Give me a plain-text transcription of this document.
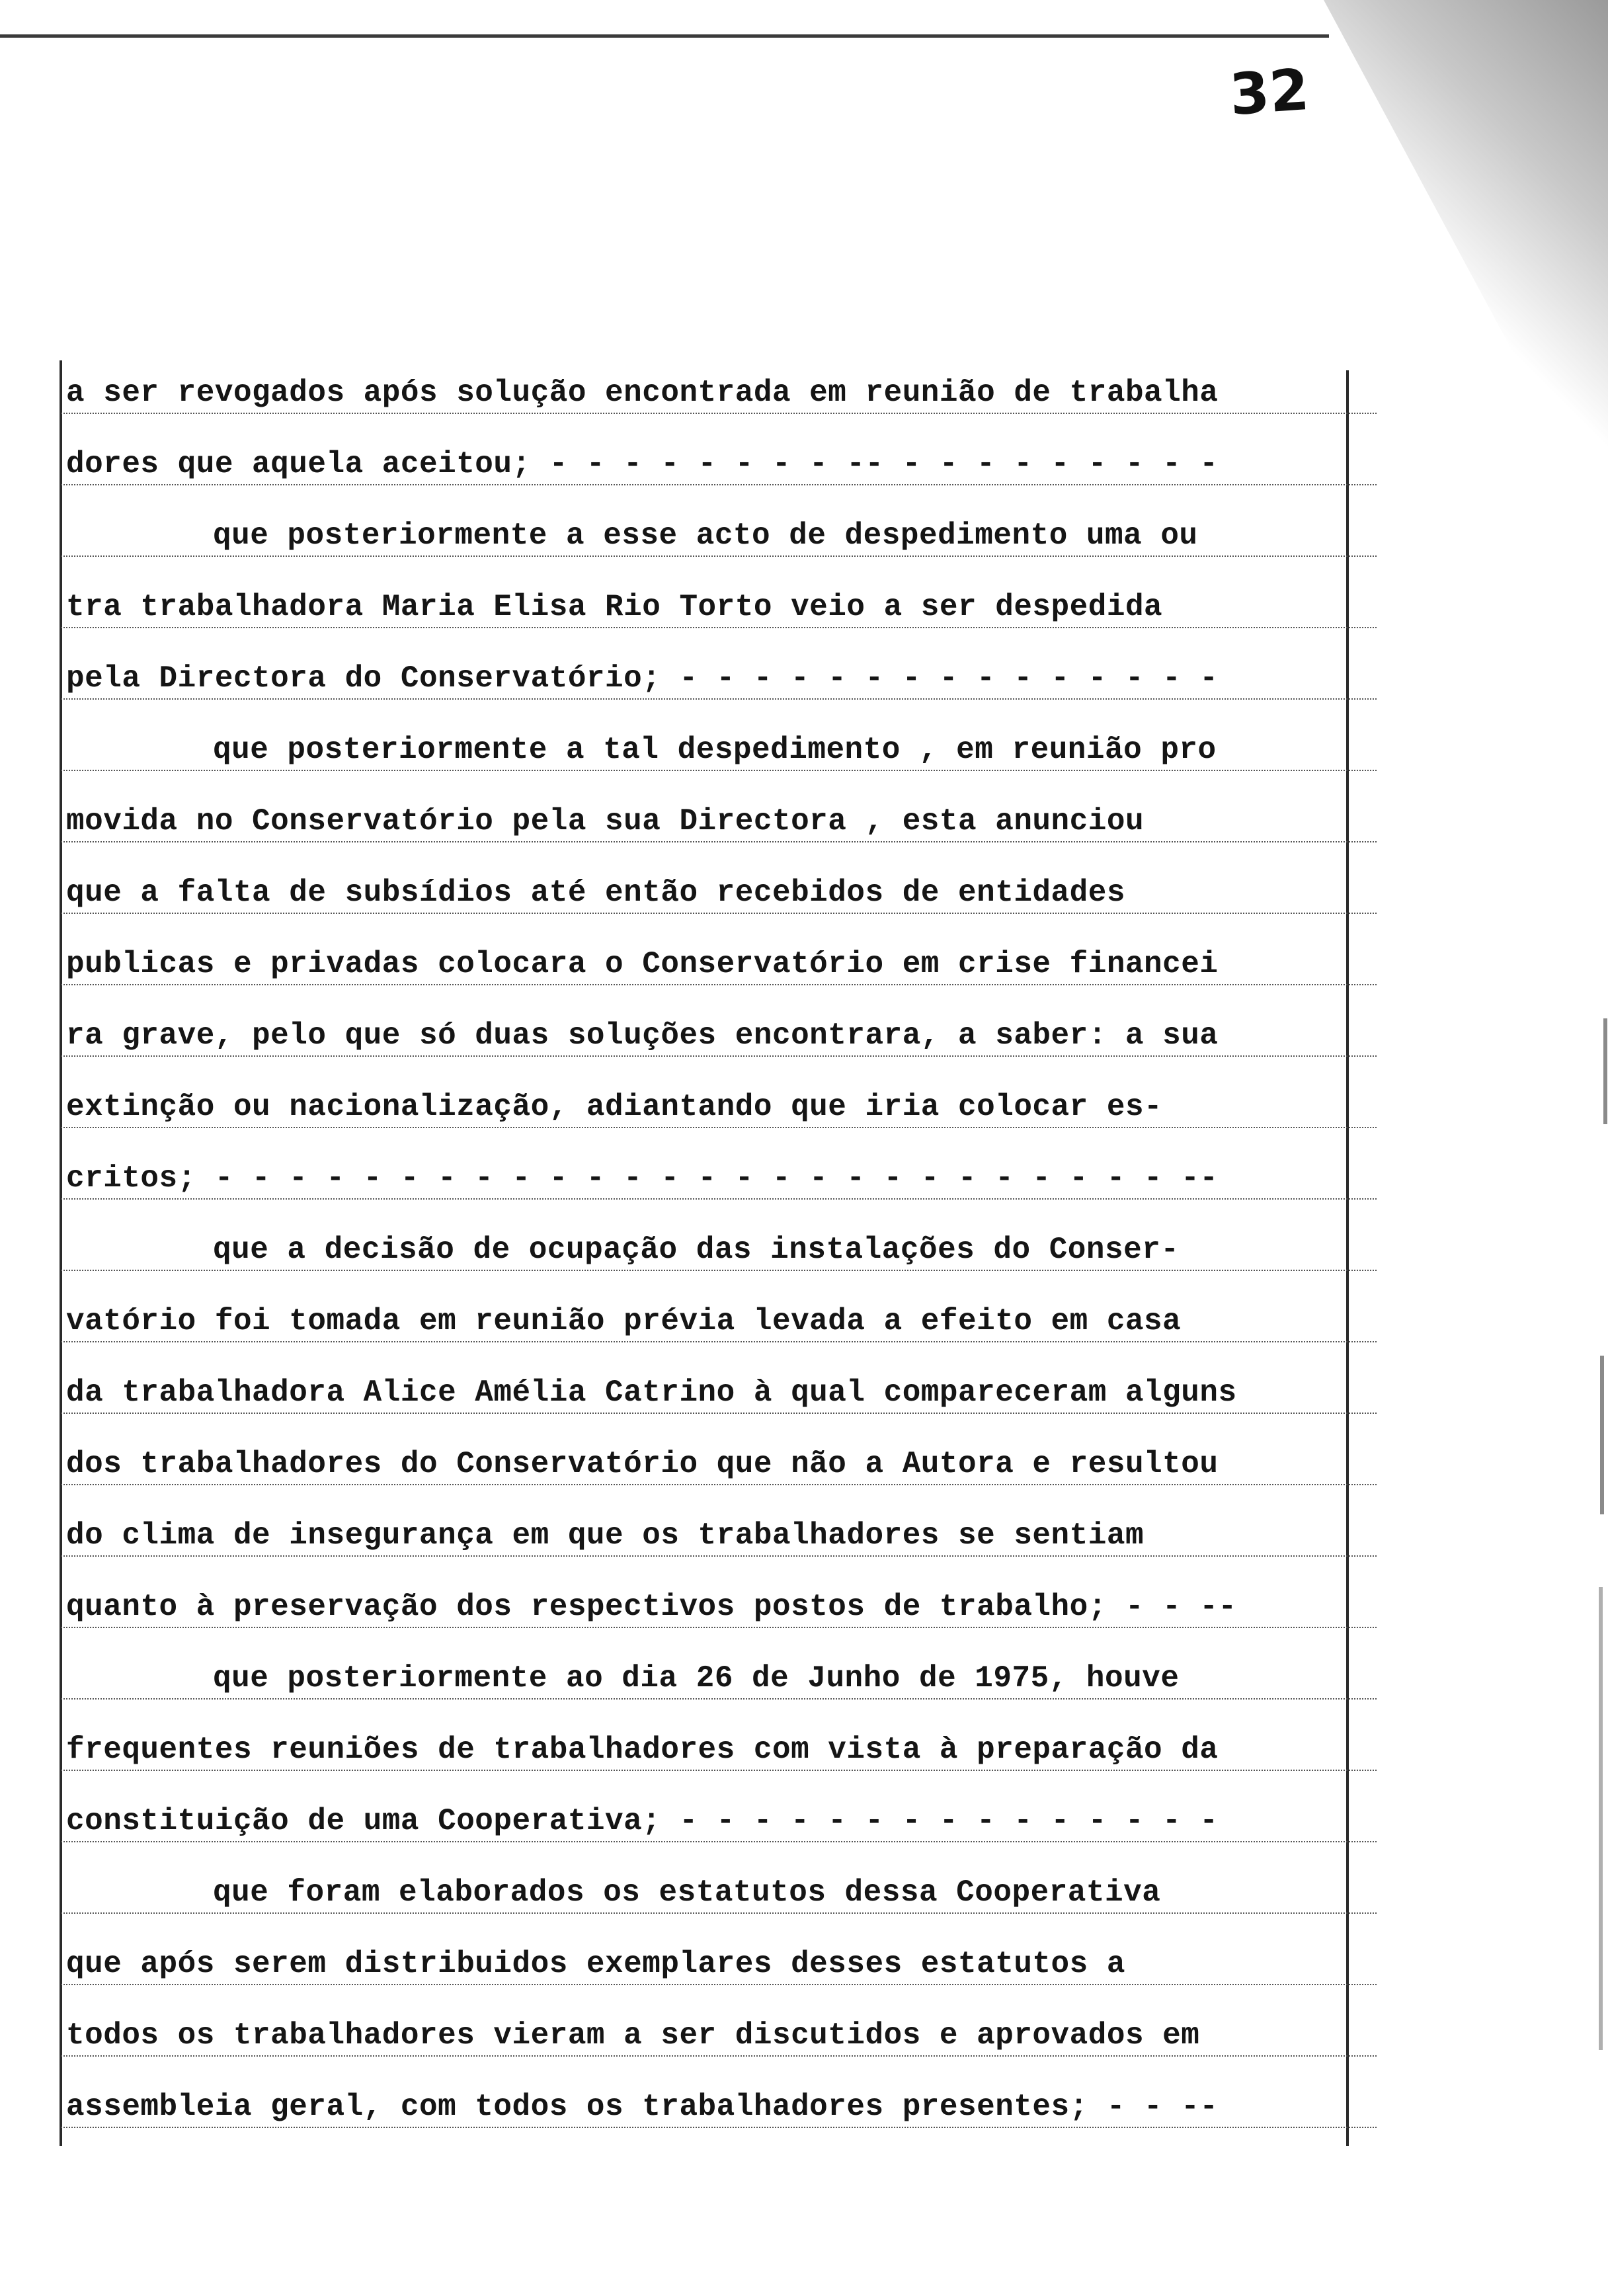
32
a ser revogados após solução encontrada em reunião de trabalha
dores que aquela aceitou; - - - - - - - - -- - - - - - - - - -
que posteriormente a esse acto de despedimento uma ou
tra trabalhadora Maria Elisa Rio Torto veio a ser despedida
pela Directora do Conservatório; - - - - - - - - - - - - - - -
que posteriormente a tal despedimento , em reunião pro
movida no Conservatório pela sua Directora , esta anunciou
que a falta de subsídios até então recebidos de entidades
publicas e privadas colocara o Conservatório em crise financei
ra grave, pelo que só duas soluções encontrara, a saber: a sua
extinção ou nacionalização, adiantando que iria colocar es-
critos; - - - - - - - - - - - - - - - - - - - - - - - - - - --
que a decisão de ocupação das instalações do Conser-
vatório foi tomada em reunião prévia levada a efeito em casa
da trabalhadora Alice Amélia Catrino à qual compareceram alguns
dos trabalhadores do Conservatório que não a Autora e resultou
do clima de insegurança em que os trabalhadores se sentiam
quanto à preservação dos respectivos postos de trabalho; - - --
que posteriormente ao dia 26 de Junho de 1975, houve
frequentes reuniões de trabalhadores com vista à preparação da
constituição de uma Cooperativa; - - - - - - - - - - - - - - -
que foram elaborados os estatutos dessa Cooperativa
que após serem distribuidos exemplares desses estatutos a
todos os trabalhadores vieram a ser discutidos e aprovados em
assembleia geral, com todos os trabalhadores presentes; - - --
